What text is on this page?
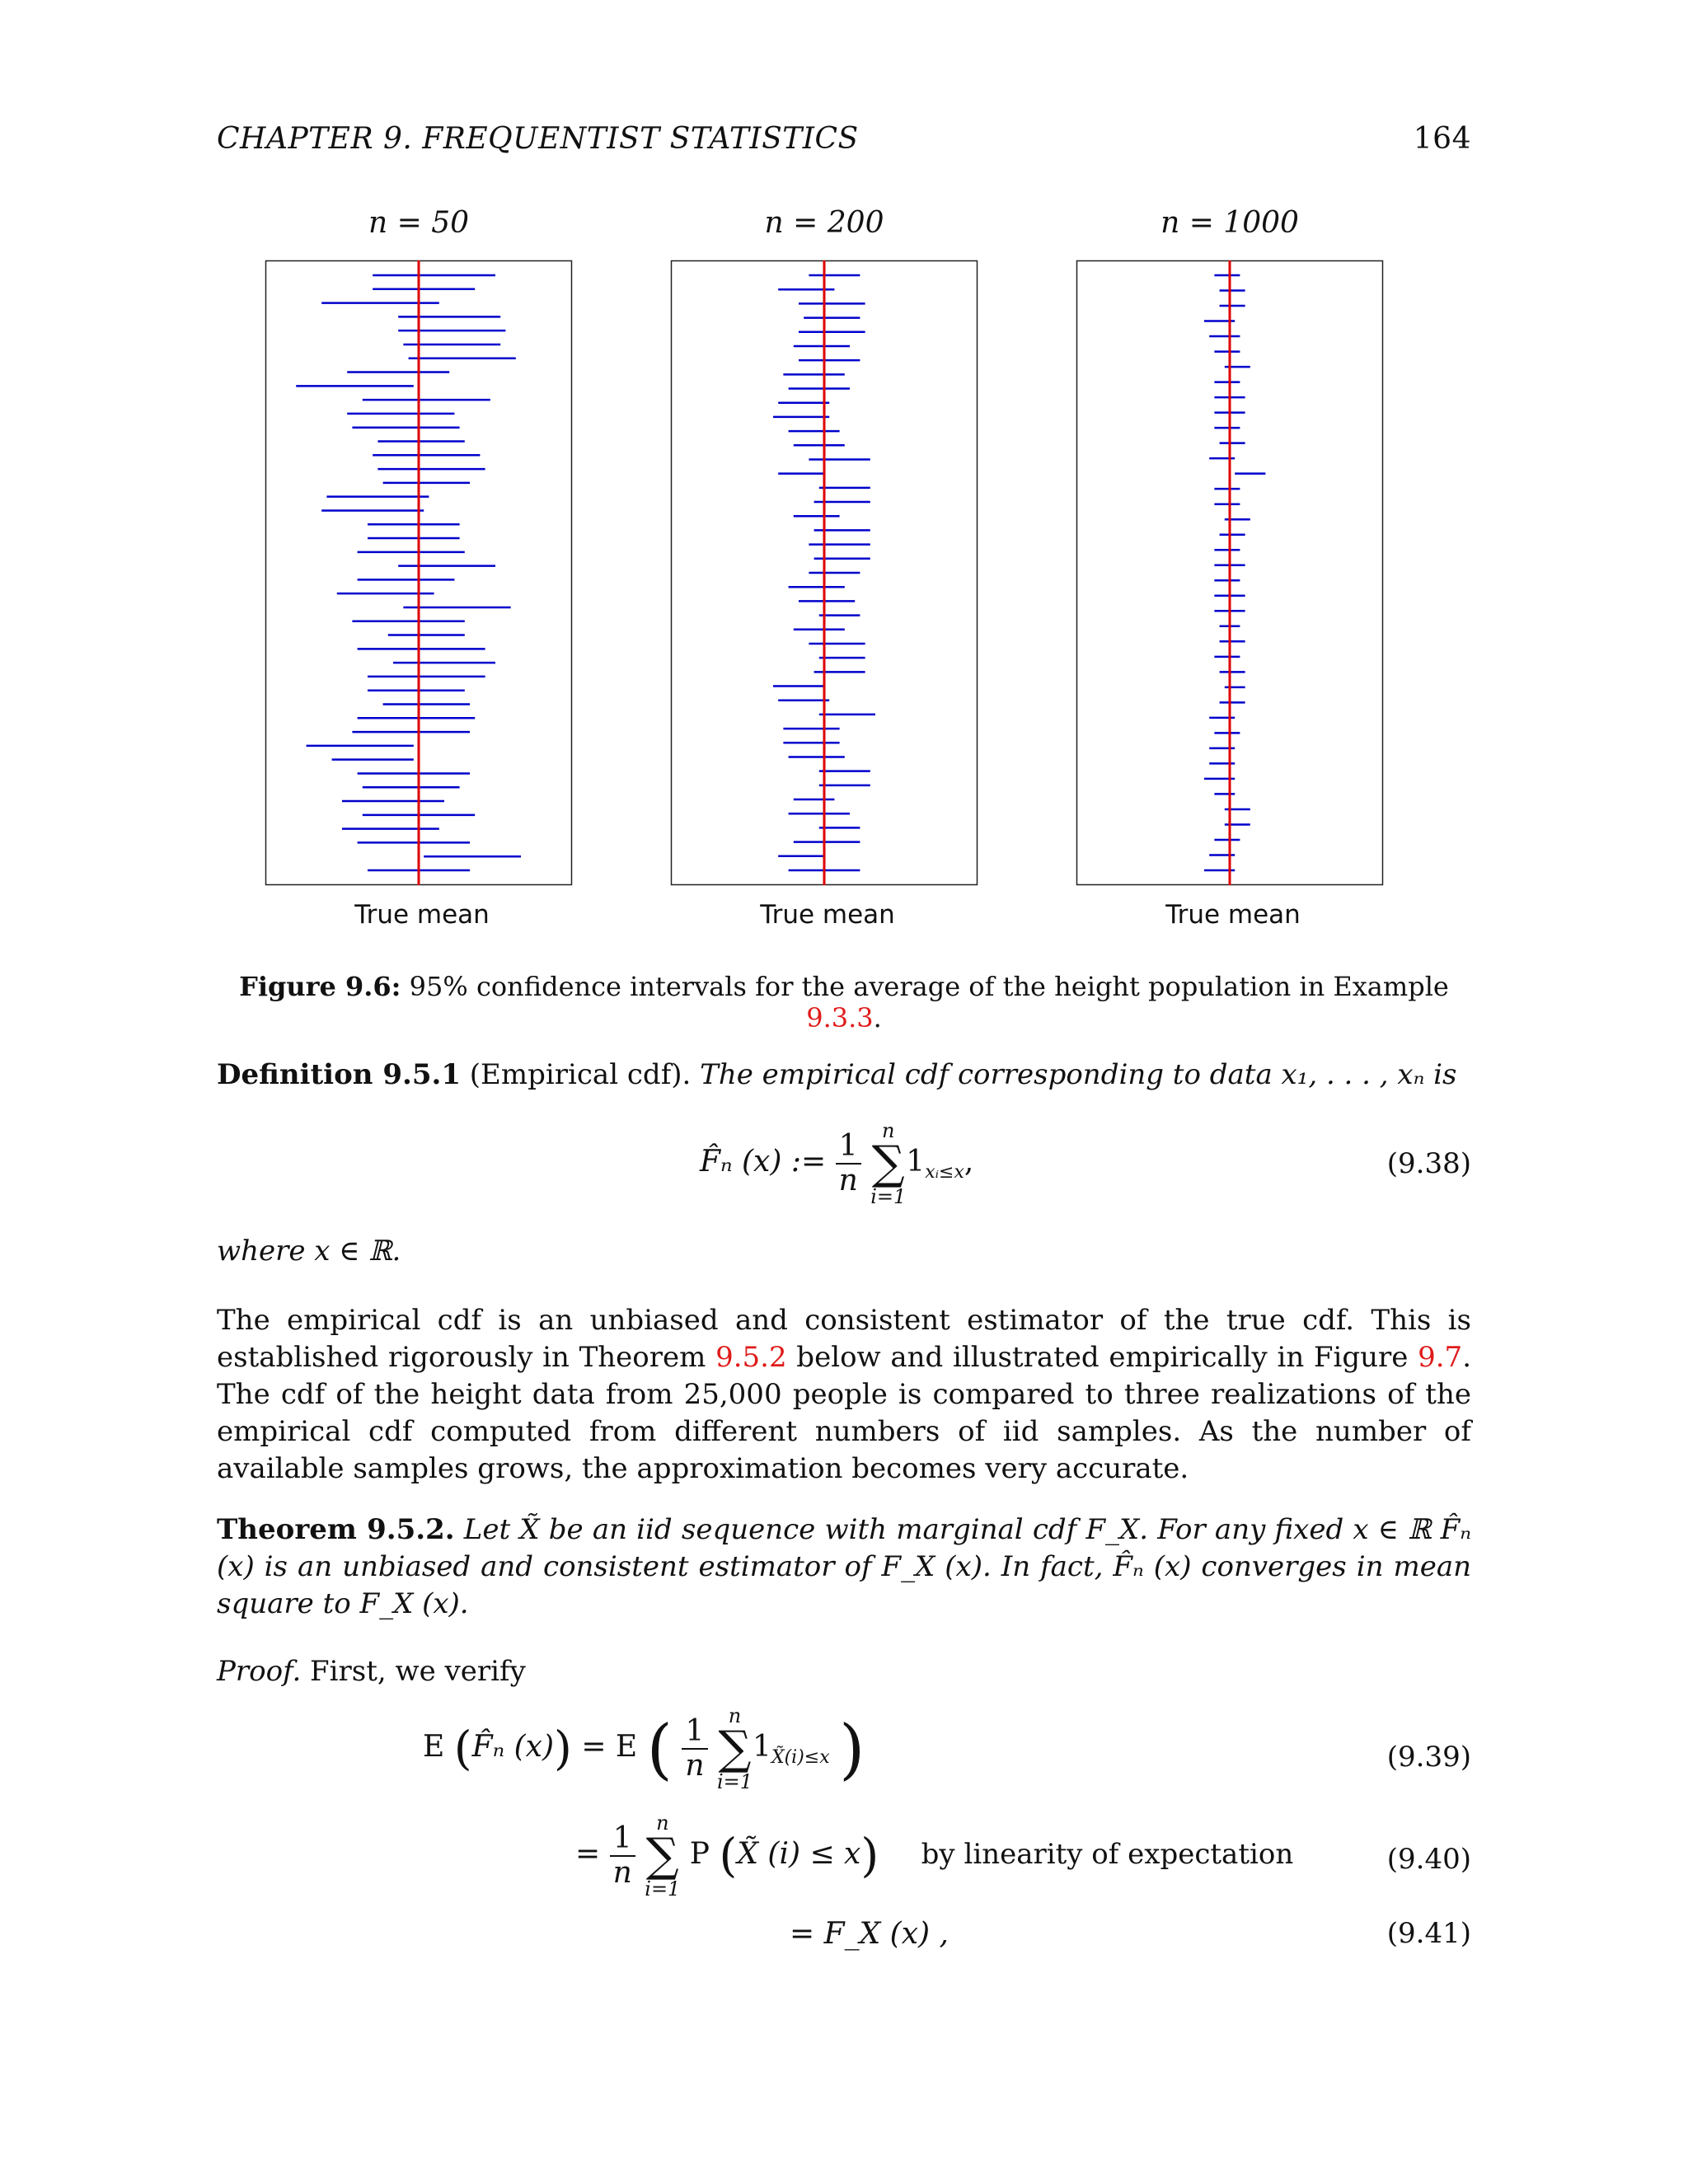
CHAPTER 9. FREQUENTIST STATISTICS	164
n = 50	n = 200	n = 1000
True mean	True mean	True mean
Figure 9.6: 95% confidence intervals for the average of the height population in Example 9.3.3.
Definition 9.5.1 (Empirical cdf). The empirical cdf corresponding to data x₁, . . . , xₙ is
F̂ₙ (x) := $\frac{1}{n}$
	n
∑
i=1
$1_{xᵢ\le x}$,	(9.38)
where x ∈ ℝ.
The empirical cdf is an unbiased and consistent estimator of the true cdf. This is established rigorously in Theorem 9.5.2 below and illustrated empirically in Figure 9.7. The cdf of the height data from 25,000 people is compared to three realizations of the empirical cdf computed from different numbers of iid samples. As the number of available samples grows, the approximation becomes very accurate.
Theorem 9.5.2. Let X̃ be an iid sequence with marginal cdf F_X. For any fixed x ∈ ℝ F̂ₙ (x) is an unbiased and consistent estimator of F_X (x). In fact, F̂ₙ (x) converges in mean square to F_X (x).
Proof. First, we verify
E (F̂ₙ (x)) = E ( $\frac{1}{n}$
	n
∑
i=1
$1_{X̃(i)\le x}$ )	(9.39)
= $\frac{1}{n}$
	n
∑
i=1
P (X̃ (i) ≤ x) by linearity of expectation	(9.40)
= F_X (x) ,	(9.41)
